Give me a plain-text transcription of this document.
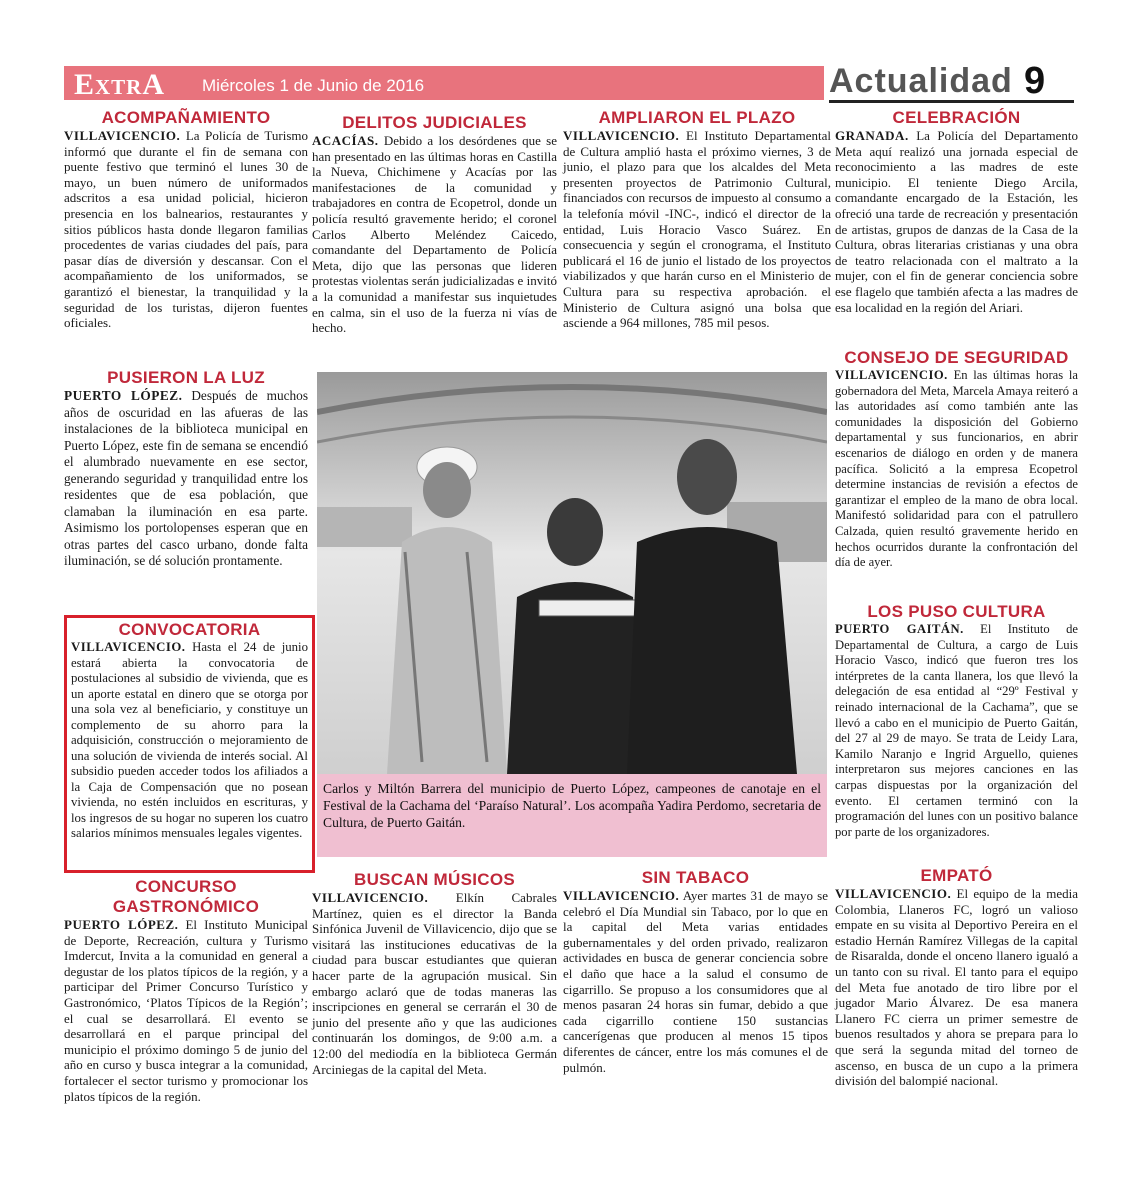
ExtrA Miércoles 1 de Junio de 2016	Actualidad 9
ACOMPAÑAMIENTO

VILLAVICENCIO. La Policía de Turismo informó que durante el fin de semana con puente festivo que terminó el lunes 30 de mayo, un buen número de uniformados adscritos a esa unidad policial, hicieron presencia en los balnearios, restaurantes y sitios públicos hasta donde llegaron familias procedentes de varias ciudades del país, para pasar días de diversión y descansar. Con el acompañamiento de los uniformados, se garantizó el bienestar, la tranquilidad y la seguridad de los turistas, dijeron fuentes oficiales.

PUSIERON LA LUZ

PUERTO LÓPEZ. Después de muchos años de oscuridad en las afueras de las instalaciones de la biblioteca municipal en Puerto López, este fin de semana se encendió el alumbrado nuevamente en ese sector, generando seguridad y tranquilidad entre los residentes que de esa población, que clamaban la iluminación en esa parte. Asimismo los portolopenses esperan que en otras partes del casco urbano, donde falta iluminación, se dé solución prontamente.

CONVOCATORIA

VILLAVICENCIO. Hasta el 24 de junio estará abierta la convocatoria de postulaciones al subsidio de vivienda, que es un aporte estatal en dinero que se otorga por una sola vez al beneficiario, y constituye un complemento de su ahorro para la adquisición, construcción o mejoramiento de una solución de vivienda de interés social. Al subsidio pueden acceder todos los afiliados a la Caja de Compensación que no posean vivienda, no estén incluidos en escrituras, y los ingresos de su hogar no superen los cuatro salarios mínimos mensuales legales vigentes.

CONCURSO GASTRONÓMICO

PUERTO LÓPEZ. El Instituto Municipal de Deporte, Recreación, cultura y Turismo Imdercut, Invita a la comunidad en general a degustar de los platos típicos de la región, y a participar del Primer Concurso Turístico y Gastronómico, ‘Platos Típicos de la Región’; el cual se desarrollará. El evento se desarrollará en el parque principal del municipio el próximo domingo 5 de junio del año en curso y busca integrar a la comunidad, fortalecer el sector turismo y promocionar los platos típicos de la región.

DELITOS JUDICIALES

ACACÍAS. Debido a los desórdenes que se han presentado en las últimas horas en Castilla la Nueva, Chichimene y Acacías por las manifestaciones de la comunidad y trabajadores en contra de Ecopetrol, donde un policía resultó gravemente herido; el coronel Carlos Alberto Meléndez Caicedo, comandante del Departamento de Policía Meta, dijo que las personas que lideren protestas violentas serán judicializadas e invitó a la comunidad a manifestar sus inquietudes en calma, sin el uso de la fuerza ni vías de hecho.

BUSCAN MÚSICOS

VILLAVICENCIO. Elkín Cabrales Martínez, quien es el director la Banda Sinfónica Juvenil de Villavicencio, dijo que se visitará las instituciones educativas de la ciudad para buscar estudiantes que quieran hacer parte de la agrupación musical. Sin embargo aclaró que de todas maneras las inscripciones en general se cerrarán el 30 de junio del presente año y que las audiciones continuarán los domingos, de 9:00 a.m. a 12:00 del mediodía en la biblioteca Germán Arciniegas de la capital del Meta.

AMPLIARON EL PLAZO

VILLAVICENCIO. El Instituto Departamental de Cultura amplió hasta el próximo viernes, 3 de junio, el plazo para que los alcaldes del Meta presenten proyectos de Patrimonio Cultural, financiados con recursos de impuesto al consumo a la telefonía móvil -INC-, indicó el director de la entidad, Luis Horacio Vasco Suárez. En consecuencia y según el cronograma, el Instituto publicará el 16 de junio el listado de los proyectos viabilizados y que harán curso en el Ministerio de Cultura para su respectiva aprobación. el Ministerio de Cultura asignó una bolsa que asciende a 964 millones, 785 mil pesos.

SIN TABACO

VILLAVICENCIO. Ayer martes 31 de mayo se celebró el Día Mundial sin Tabaco, por lo que en la capital del Meta varias entidades gubernamentales y del orden privado, realizaron actividades en busca de generar conciencia sobre el daño que hace a la salud el consumo de cigarrillo. Se propuso a los consumidores que al menos pasaran 24 horas sin fumar, debido a que cada cigarrillo contiene 150 sustancias cancerígenas que producen al menos 15 tipos diferentes de cáncer, entre los más comunes el de pulmón.

Carlos y Miltón Barrera del municipio de Puerto López, campeones de canotaje en el Festival de la Cachama del ‘Paraíso Natural’. Los acompaña Yadira Perdomo, secretaria de Cultura, de Puerto Gaitán.
CELEBRACIÓN

GRANADA. La Policía del Departamento Meta aquí realizó una jornada especial de reconocimiento a las madres de este municipio. El teniente Diego Arcila, comandante encargado de la Estación, les ofreció una tarde de recreación y presentación de artistas, grupos de danzas de la Casa de la Cultura, obras literarias cristianas y una obra de teatro relacionada con el maltrato a la mujer, con el fin de generar conciencia sobre ese flagelo que también afecta a las madres de esa localidad en la región del Ariari.

CONSEJO DE SEGURIDAD

VILLAVICENCIO. En las últimas horas la gobernadora del Meta, Marcela Amaya reiteró a las autoridades así como también ante las comunidades la disposición del Gobierno departamental y sus funcionarios, en abrir escenarios de diálogo en orden y de manera pacífica. Solicitó a la empresa Ecopetrol determine instancias de revisión a efectos de garantizar el empleo de la mano de obra local. Manifestó solidaridad para con el patrullero Calzada, quien resultó gravemente herido en hechos ocurridos durante la confrontación del día de ayer.

LOS PUSO CULTURA

PUERTO GAITÁN. El Instituto de Departamental de Cultura, a cargo de Luis Horacio Vasco, indicó que fueron tres los intérpretes de la canta llanera, los que llevó la delegación de esa entidad al “29º Festival y reinado internacional de la Cachama”, que se llevó a cabo en el municipio de Puerto Gaitán, del 27 al 29 de mayo. Se trata de Leidy Lara, Kamilo Naranjo e Ingrid Arguello, quienes interpretaron sus mejores canciones en las carpas dispuestas por la organización del evento. El certamen terminó con la programación del lunes con un positivo balance por parte de los organizadores.

EMPATÓ

VILLAVICENCIO. El equipo de la media Colombia, Llaneros FC, logró un valioso empate en su visita al Deportivo Pereira en el estadio Hernán Ramírez Villegas de la capital de Risaralda, donde el onceno llanero igualó a un tanto con su rival. El tanto para el equipo del Meta fue anotado de tiro libre por el jugador Mario Álvarez. De esa manera Llanero FC cierra un primer semestre de buenos resultados y ahora se prepara para lo que será la segunda mitad del torneo de ascenso, en busca de un cupo a la primera división del balompié nacional.
